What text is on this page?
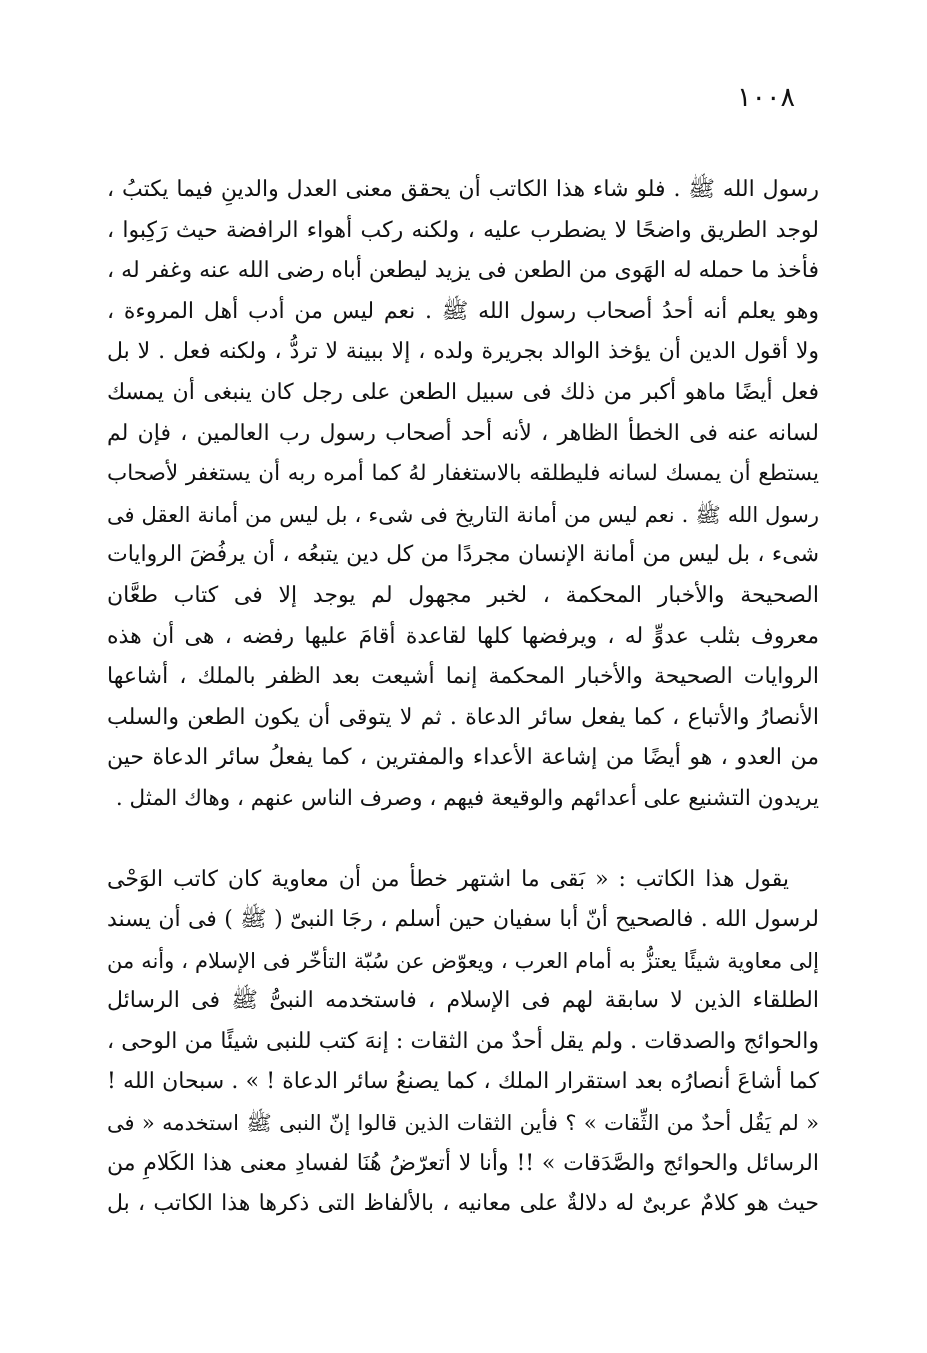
١٠٠٨
رسول الله ﷺ . فلو شاء هذا الكاتب أن يحقق معنى العدل والدينِ فيما يكتبُ ،
لوجد الطريق واضحًا لا يضطرب عليه ، ولكنه ركب أهواء الرافضة حيث رَكِبوا ،
فأخذ ما حمله له الهَوى من الطعن فى يزيد ليطعن أباه رضى الله عنه وغفر له ،
وهو يعلم أنه أحدُ أصحاب رسول الله ﷺ . نعم ليس من أدب أهل المروءة ،
ولا أقول الدين أن يؤخذ الوالد بجريرة ولده ، إلا ببينة لا تردُّ ، ولكنه فعل . لا بل
فعل أيضًا ماهو أكبر من ذلك فى سبيل الطعن على رجل كان ينبغى أن يمسك
لسانه عنه فى الخطأ الظاهر ، لأنه أحد أصحاب رسول رب العالمين ، فإن لم
يستطع أن يمسك لسانه فليطلقه بالاستغفار لهُ كما أمره ربه أن يستغفر لأصحاب
رسول الله ﷺ . نعم ليس من أمانة التاريخ فى شىء ، بل ليس من أمانة العقل فى
شىء ، بل ليس من أمانة الإنسان مجردًا من كل دين يتبعُه ، أن يرفُضَ الروايات
الصحيحة والأخبار المحكمة ، لخبر مجهول لم يوجد إلا فى كتاب طعَّان
معروف بثلب عدوٍّ له ، ويرفضها كلها لقاعدة أقامَ عليها رفضه ، هى أن هذه
الروايات الصحيحة والأخبار المحكمة إنما أشيعت بعد الظفر بالملك ، أشاعها
الأنصارُ والأتباع ، كما يفعل سائر الدعاة . ثم لا يتوقى أن يكون الطعن والسلب
من العدو ، هو أيضًا من إشاعة الأعداء والمفترين ، كما يفعلُ سائر الدعاة حين
يريدون التشنيع على أعدائهم والوقيعة فيهم ، وصرف الناس عنهم ، وهاك المثل .
يقول هذا الكاتب : « بَقى ما اشتهر خطأ من أن معاوية كان كاتب الوَحْى
لرسول الله . فالصحيح أنّ أبا سفيان حين أسلم ، رجَا النبىّ ( ﷺ ) فى أن يسند
إلى معاوية شيئًا يعتزُّ به أمام العرب ، ويعوّض عن سُبّة التأخّر فى الإسلام ، وأنه من
الطلقاء الذين لا سابقة لهم فى الإسلام ، فاستخدمه النبىُّ ﷺ فى الرسائل
والحوائج والصدقات . ولم يقل أحدٌ من الثقات : إنهَ كتب للنبى شيئًا من الوحى ،
كما أشاعَ أنصارُه بعد استقرار الملك ، كما يصنعُ سائر الدعاة ! » . سبحان الله !
« لم يَقُل أحدٌ من الثِّقات » ؟ فأين الثقات الذين قالوا إنّ النبى ﷺ استخدمه « فى
الرسائل والحوائج والصَّدَقات » !! وأنا لا أتعرّضُ هُنَا لفسادِ معنى هذا الكَلامِ من
حيث هو كلامٌ عربىٌ له دلالةٌ على معانيه ، بالألفاظ التى ذكرها هذا الكاتب ، بل
